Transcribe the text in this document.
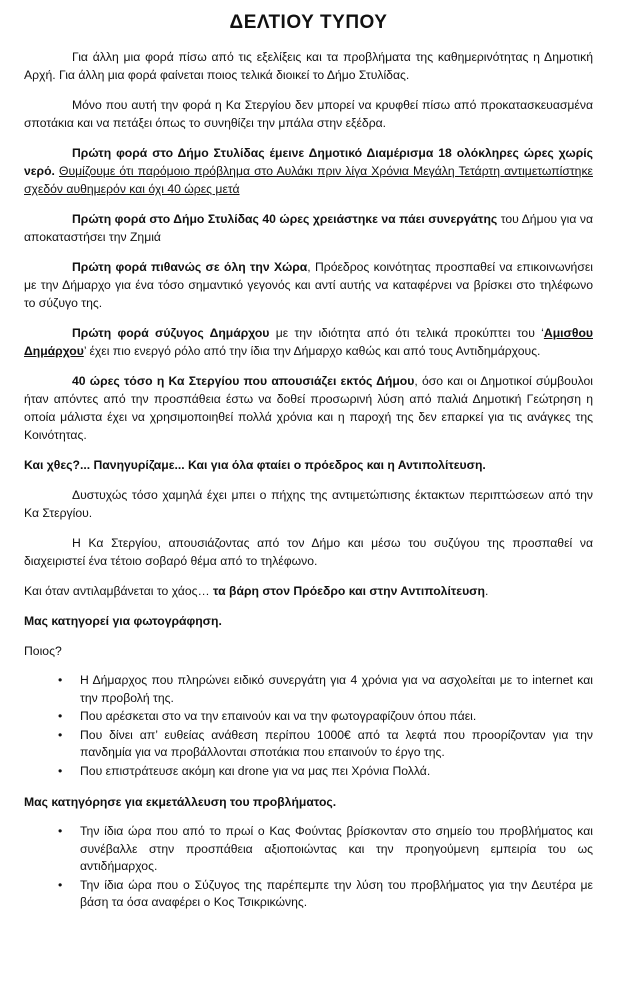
ΔΕΛΤΙΟΥ ΤΥΠΟΥ

Για άλλη μια φορά πίσω από τις εξελίξεις και τα προβλήματα της καθημερινότητας η Δημοτική Αρχή. Για άλλη μια φορά φαίνεται ποιος τελικά διοικεί το Δήμο Στυλίδας.

Μόνο που αυτή την φορά η Κα Στεργίου δεν μπορεί να κρυφθεί πίσω από προκατασκευασμένα σποτάκια και να πετάξει όπως το συνηθίζει την μπάλα στην εξέδρα.

Πρώτη φορά στο Δήμο Στυλίδας έμεινε Δημοτικό Διαμέρισμα 18 ολόκληρες ώρες χωρίς νερό. Θυμίζουμε ότι παρόμοιο πρόβλημα στο Αυλάκι πριν λίγα Χρόνια Μεγάλη Τετάρτη αντιμετωπίστηκε σχεδόν αυθημερόν και όχι 40 ώρες μετά

Πρώτη φορά στο Δήμο Στυλίδας 40 ώρες χρειάστηκε να πάει συνεργάτης του Δήμου για να αποκαταστήσει την Ζημιά

Πρώτη φορά πιθανώς σε όλη την Χώρα, Πρόεδρος κοινότητας προσπαθεί να επικοινωνήσει με την Δήμαρχο για ένα τόσο σημαντικό γεγονός και αντί αυτής να καταφέρνει να βρίσκει στο τηλέφωνο το σύζυγο της.

Πρώτη φορά σύζυγος Δημάρχου με την ιδιότητα από ότι τελικά προκύπτει του ‘Αμισθου Δημάρχου’ έχει πιο ενεργό ρόλο από την ίδια την Δήμαρχο καθώς και από τους Αντιδημάρχους.

40 ώρες τόσο η Κα Στεργίου που απουσιάζει εκτός Δήμου, όσο και οι Δημοτικοί σύμβουλοι ήταν απόντες από την προσπάθεια έστω να δοθεί προσωρινή λύση από παλιά Δημοτική Γεώτρηση η οποία μάλιστα έχει να χρησιμοποιηθεί πολλά χρόνια και η παροχή της δεν επαρκεί για τις ανάγκες της Κοινότητας.

Και χθες?... Πανηγυρίζαμε... Και για όλα φταίει ο πρόεδρος και η Αντιπολίτευση.

Δυστυχώς τόσο χαμηλά έχει μπει ο πήχης της αντιμετώπισης έκτακτων περιπτώσεων από την Κα Στεργίου.

Η Κα Στεργίου, απουσιάζοντας από τον Δήμο και μέσω του συζύγου της προσπαθεί να διαχειριστεί ένα τέτοιο σοβαρό θέμα από το τηλέφωνο.

Και όταν αντιλαμβάνεται το χάος… τα βάρη στον Πρόεδρο και στην Αντιπολίτευση.

Μας κατηγορεί για φωτογράφηση.

Ποιος?

• Η Δήμαρχος που πληρώνει ειδικό συνεργάτη για 4 χρόνια για να ασχολείται με το internet και την προβολή της.
• Που αρέσκεται στο να την επαινούν και να την φωτογραφίζουν όπου πάει.
• Που δίνει απ’ ευθείας ανάθεση περίπου 1000€ από τα λεφτά που προορίζονταν για την πανδημία για να προβάλλονται σποτάκια που επαινούν το έργο της.
• Που επιστράτευσε ακόμη και drone για να μας πει Χρόνια Πολλά.

Μας κατηγόρησε για εκμετάλλευση του προβλήματος.

• Την ίδια ώρα που από το πρωί ο Κας Φούντας βρίσκονταν στο σημείο του προβλήματος και συνέβαλλε στην προσπάθεια αξιοποιώντας και την προηγούμενη εμπειρία του ως αντιδήμαρχος.
• Την ίδια ώρα που ο Σύζυγος της παρέπεμπε την λύση του προβλήματος για την Δευτέρα με βάση τα όσα αναφέρει ο Κος Τσικρικώνης.
